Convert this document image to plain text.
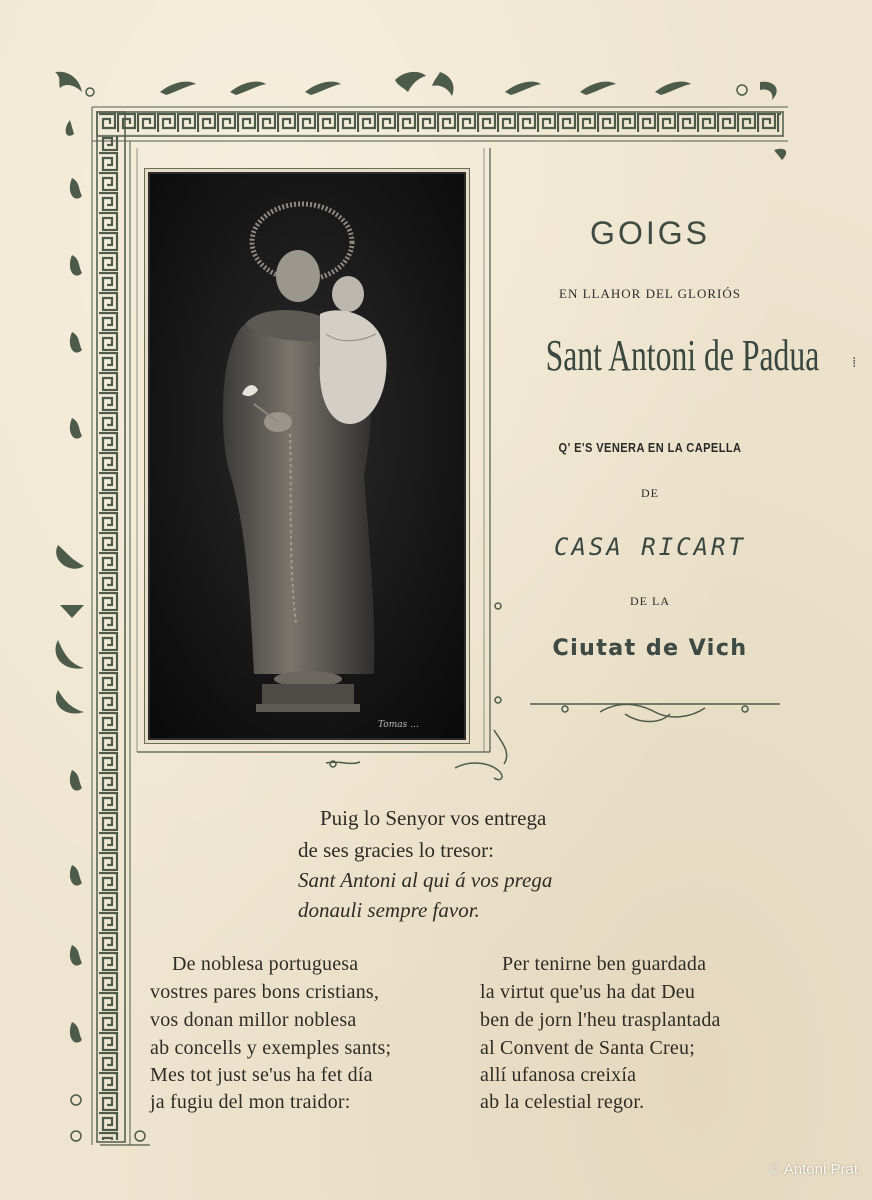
Tomas ...
GOIGS
EN LLAHOR DEL GLORIÓS
Sant Antoni de Padua
Q' E'S VENERA EN LA CAPELLA
DE
CASA RICART
DE LA
Ciutat de Vich
Puig lo Senyor vos entrega
de ses gracies lo tresor:
Sant Antoni al qui á vos prega
donauli sempre favor.
De noblesa portuguesa
vostres pares bons cristians,
vos donan millor noblesa
ab concells y exemples sants;
Mes tot just se'us ha fet día
ja fugiu del mon traidor:
Per tenirne ben guardada
la virtut que'us ha dat Deu
ben de jorn l'heu trasplantada
al Convent de Santa Creu;
allí ufanosa creixía
ab la celestial regor.
⁞
© Antoni Prat
